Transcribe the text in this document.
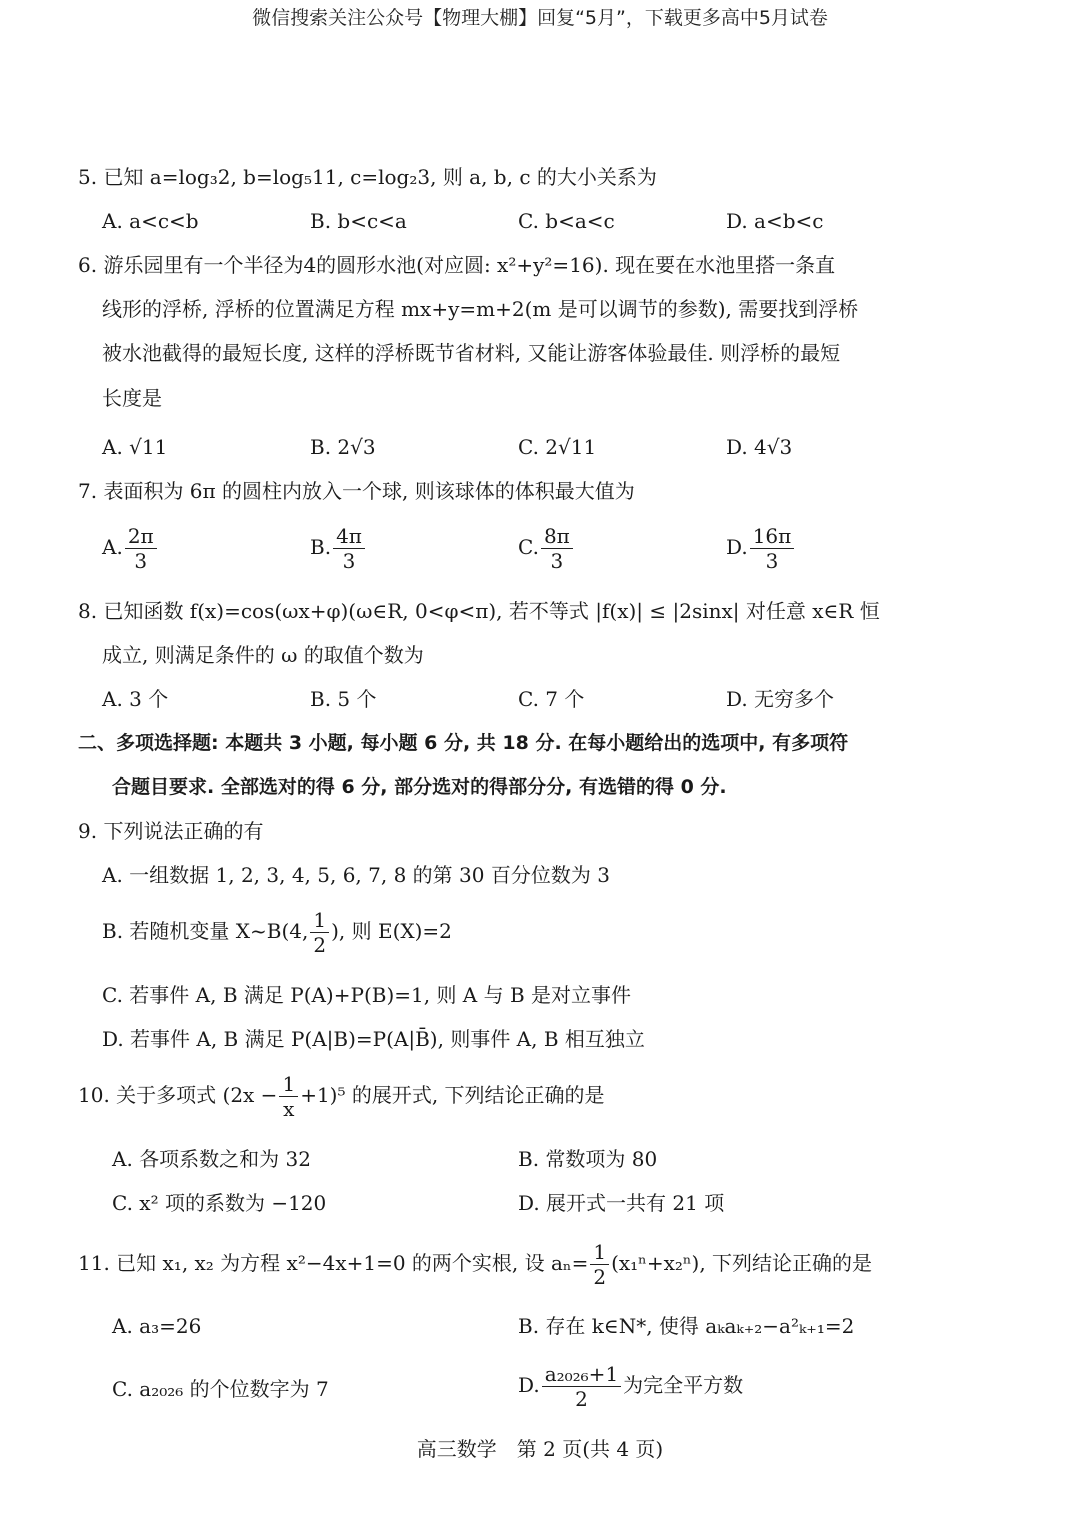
微信搜索关注公众号【物理大棚】回复“5月”，下载更多高中5月试卷
5. 已知 a=log₃2, b=log₅11, c=log₂3, 则 a, b, c 的大小关系为
A. a<c<b	B. b<c<a	C. b<a<c	D. a<b<c
6. 游乐园里有一个半径为4的圆形水池(对应圆: x²+y²=16). 现在要在水池里搭一条直
线形的浮桥, 浮桥的位置满足方程 mx+y=m+2(m 是可以调节的参数), 需要找到浮桥
被水池截得的最短长度, 这样的浮桥既节省材料, 又能让游客体验最佳. 则浮桥的最短
长度是
A. √11	B. 2√3	C. 2√11	D. 4√3
7. 表面积为 6π 的圆柱内放入一个球, 则该球体的体积最大值为
A. $\frac{2\pi}{3}$	B. $\frac{4\pi}{3}$	C. $\frac{8\pi}{3}$	D. $\frac{16\pi}{3}$
8. 已知函数 f(x)=cos(ωx+φ)(ω∈R, 0<φ<π), 若不等式 |f(x)| ≤ |2sinx| 对任意 x∈R 恒
成立, 则满足条件的 ω 的取值个数为
A. 3 个	B. 5 个	C. 7 个	D. 无穷多个
二、多项选择题: 本题共 3 小题, 每小题 6 分, 共 18 分. 在每小题给出的选项中, 有多项符
合题目要求. 全部选对的得 6 分, 部分选对的得部分分, 有选错的得 0 分.
9. 下列说法正确的有
A. 一组数据 1, 2, 3, 4, 5, 6, 7, 8 的第 30 百分位数为 3
B. 若随机变量 X~B(4, $\frac{1}{2}$ ), 则 E(X)=2
C. 若事件 A, B 满足 P(A)+P(B)=1, 则 A 与 B 是对立事件
D. 若事件 A, B 满足 P(A|B)=P(A|B̄), 则事件 A, B 相互独立
10. 关于多项式 $(2x - \frac{1}{x} +1)^5$ 的展开式, 下列结论正确的是
A. 各项系数之和为 32	B. 常数项为 80
C. x² 项的系数为 −120	D. 展开式一共有 21 项
11. 已知 x₁, x₂ 为方程 x²−4x+1=0 的两个实根, 设 $a_n= \frac{1}{2} (x_1^n+x_2^n)$, 下列结论正确的是
A. a₃=26	B. 存在 k∈N*, 使得 aₖaₖ₊₂−a²ₖ₊₁=2
C. a₂₀₂₆ 的个位数字为 7	D. $\frac{\text{a₂₀₂₆+1}}{2}$ 为完全平方数
高三数学　第 2 页(共 4 页)
